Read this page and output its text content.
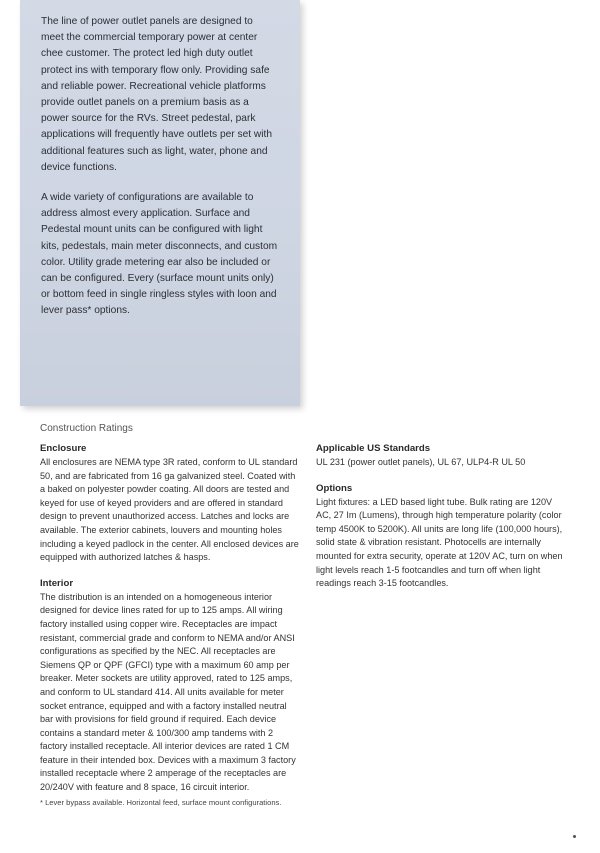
The line of power outlet panels are designed to meet the commercial temporary power at center chee customer. The protect led high duty outlet protect ins with temporary flow only. Providing safe and reliable power. Recreational vehicle platforms provide outlet panels on a premium basis as a power source for the RVs. Street pedestal, park applications will frequently have outlets per set with additional features such as light, water, phone and device functions.

A wide variety of configurations are available to address almost every application. Surface and Pedestal mount units can be configured with light kits, pedestals, main meter disconnects, and custom color. Utility grade metering ear also be included or can be configured. Every (surface mount units only) or bottom feed in single ringless styles with loon and lever pass* options.

Construction Ratings
Enclosure

All enclosures are NEMA type 3R rated, conform to UL standard 50, and are fabricated from 16 ga galvanized steel. Coated with a baked on polyester powder coating. All doors are tested and keyed for use of keyed providers and are offered in standard design to prevent unauthorized access. Latches and locks are available. The exterior cabinets, louvers and mounting holes including a keyed padlock in the center. All enclosed devices are equipped with authorized latches & hasps.

Interior

The distribution is an intended on a homogeneous interior designed for device lines rated for up to 125 amps. All wiring factory installed using copper wire. Receptacles are impact resistant, commercial grade and conform to NEMA and/or ANSI configurations as specified by the NEC. All receptacles are Siemens QP or QPF (GFCI) type with a maximum 60 amp per breaker. Meter sockets are utility approved, rated to 125 amps, and conform to UL standard 414. All units available for meter socket entrance, equipped and with a factory installed neutral bar with provisions for field ground if required. Each device contains a standard meter & 100/300 amp tandems with 2 factory installed receptacle. All interior devices are rated 1 CM feature in their intended box. Devices with a maximum 3 factory installed receptacle where 2 amperage of the receptacles are 20/240V with feature and 8 space, 16 circuit interior.

Applicable US Standards

UL 231 (power outlet panels), UL 67, ULP4-R UL 50

Options

Light fixtures: a LED based light tube. Bulk rating are 120V AC, 27 Im (Lumens), through high temperature polarity (color temp 4500K to 5200K). All units are long life (100,000 hours), solid state & vibration resistant. Photocells are internally mounted for extra security, operate at 120V AC, turn on when light levels reach 1-5 footcandles and turn off when light readings reach 3-15 footcandles.

* Lever bypass available. Horizontal feed, surface mount configurations.
